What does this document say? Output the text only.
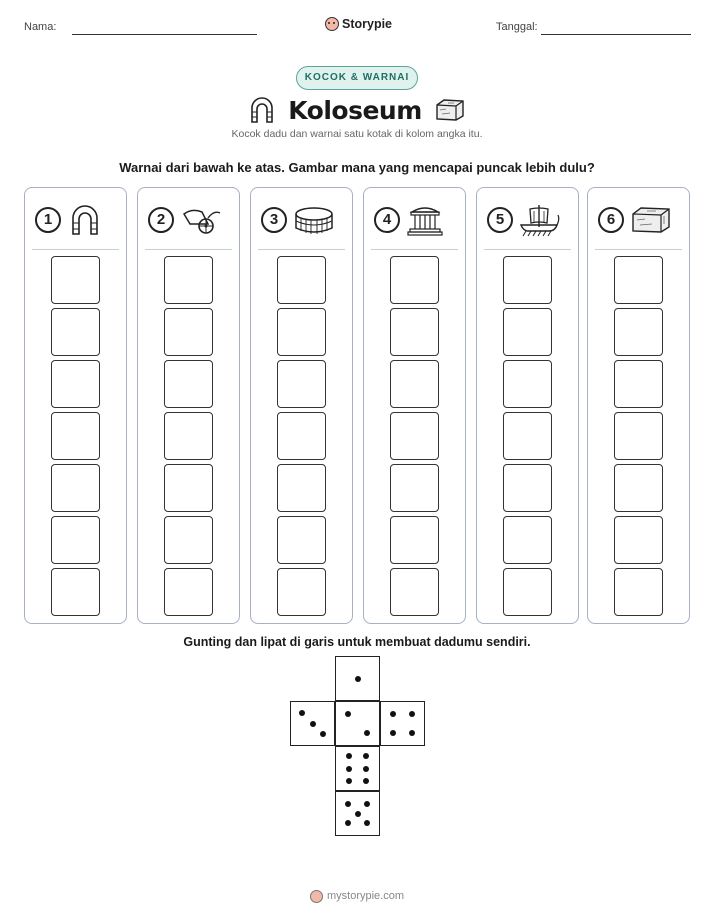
Nama:	Storypie	Tanggal:
KOCOK & WARNAI
Koloseum
Kocok dadu dan warnai satu kotak di kolom angka itu.
Warnai dari bawah ke atas. Gambar mana yang mencapai puncak lebih dulu?
1	2	3	4	5	6
Gunting dan lipat di garis untuk membuat dadumu sendiri.
mystorypie.com
